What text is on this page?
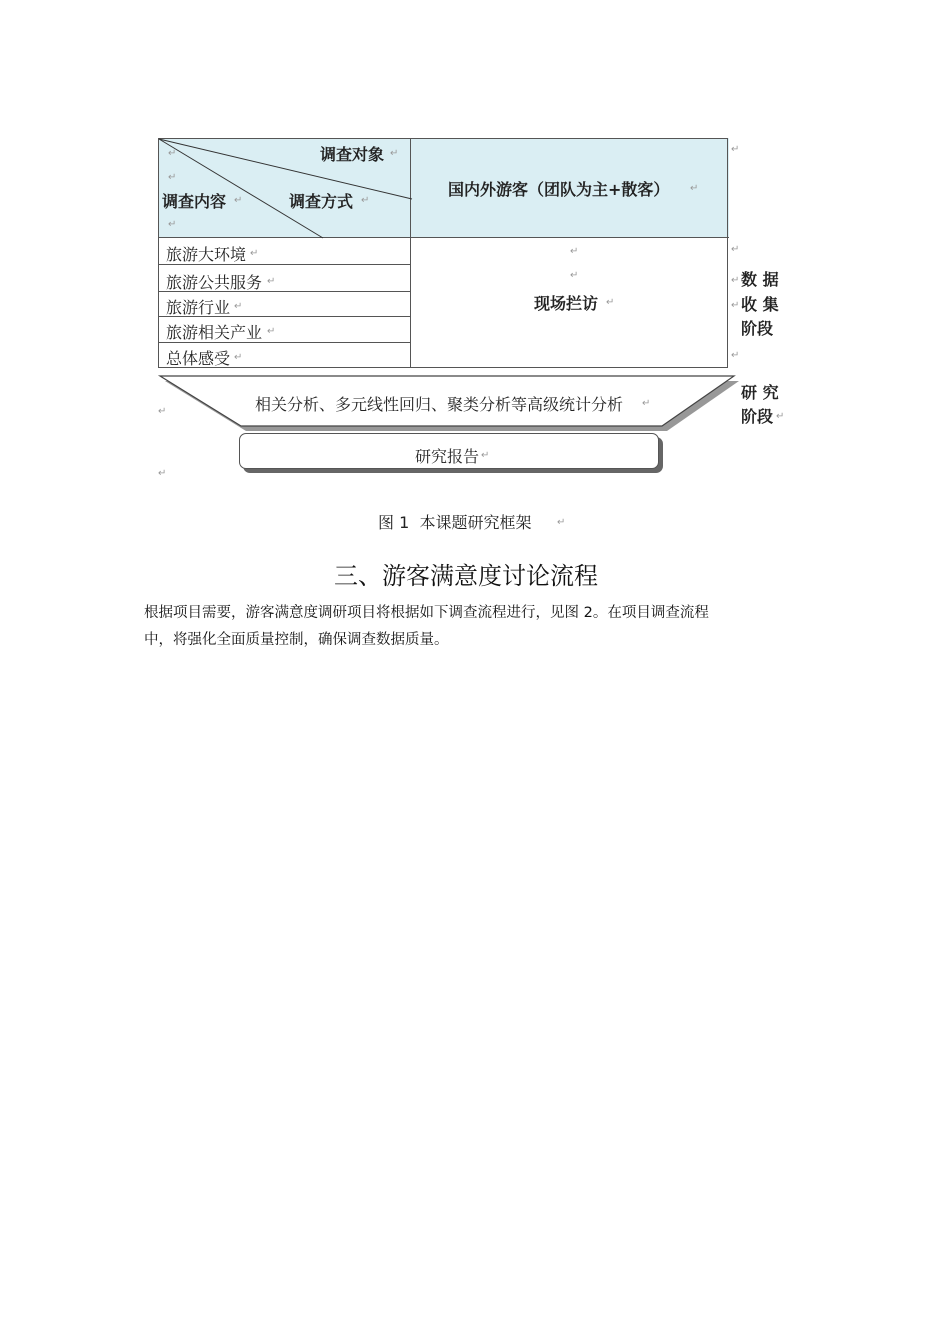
调查对象
调查内容	调查方式
国内外游客（团队为主+散客）
↵
↵
↵
↵	↵
↵
↵
旅游大环境
旅游公共服务
旅游行业
旅游相关产业
总体感受
↵
↵
↵
↵
↵
↵
↵
现场拦访 ↵
↵
↵
↵
↵
↵
数 据
收 集
阶段
研 究
阶段 ↵
相关分析、多元线性回归、聚类分析等高级统计分析 ↵
↵
研究报告 ↵
↵
图 1  本课题研究框架	↵
三、游客满意度讨论流程
根据项目需要，游客满意度调研项目将根据如下调查流程进行，见图 2。在项目调查流程
中，将强化全面质量控制，确保调查数据质量。
